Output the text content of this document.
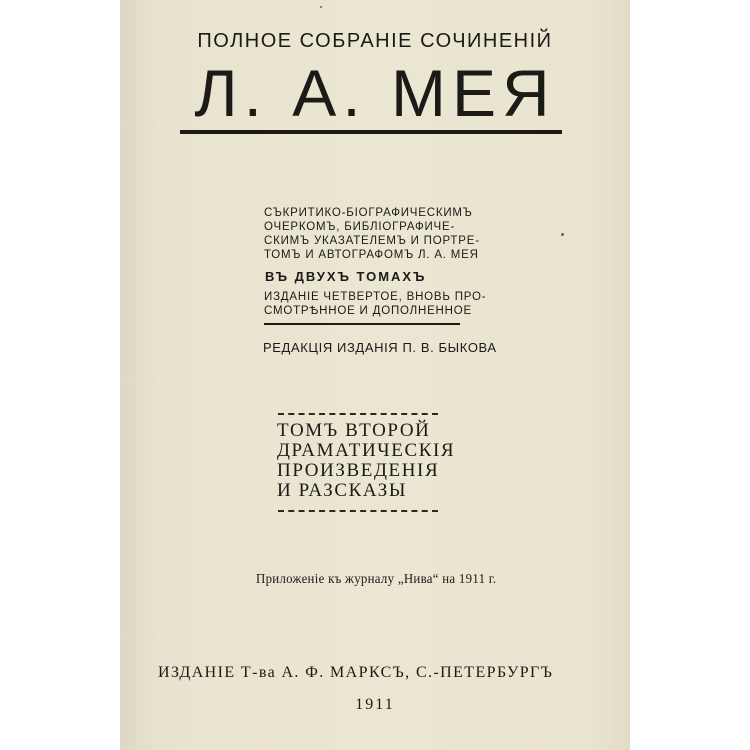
ПОЛНОЕ СОБРАНІЕ СОЧИНЕНІЙ

Л. А. МЕЯ

СЪКРИТИКО-БІОГРАФИЧЕСКИМЪ
ОЧЕРКОМЪ, БИБЛІОГРАФИЧЕ-
СКИМЪ УКАЗАТЕЛЕМЪ И ПОРТРЕ-
ТОМЪ И АВТОГРАФОМЪ Л. А. МЕЯ

ВЪ ДВУХЪ ТОМАХЪ

ИЗДАНІЕ ЧЕТВЕРТОЕ, ВНОВЬ ПРО-
СМОТРѢННОЕ И ДОПОЛНЕННОЕ

РЕДАКЦІЯ ИЗДАНІЯ П. В. БЫКОВА

ТОМЪ ВТОРОЙ
ДРАМАТИЧЕСКІЯ
ПРОИЗВЕДЕНІЯ
И РАЗСКАЗЫ

Приложеніе къ журналу „Нива“ на 1911 г.

ИЗДАНІЕ Т-ва А. Ф. МАРКСЪ, С.-ПЕТЕРБУРГЪ

1911
